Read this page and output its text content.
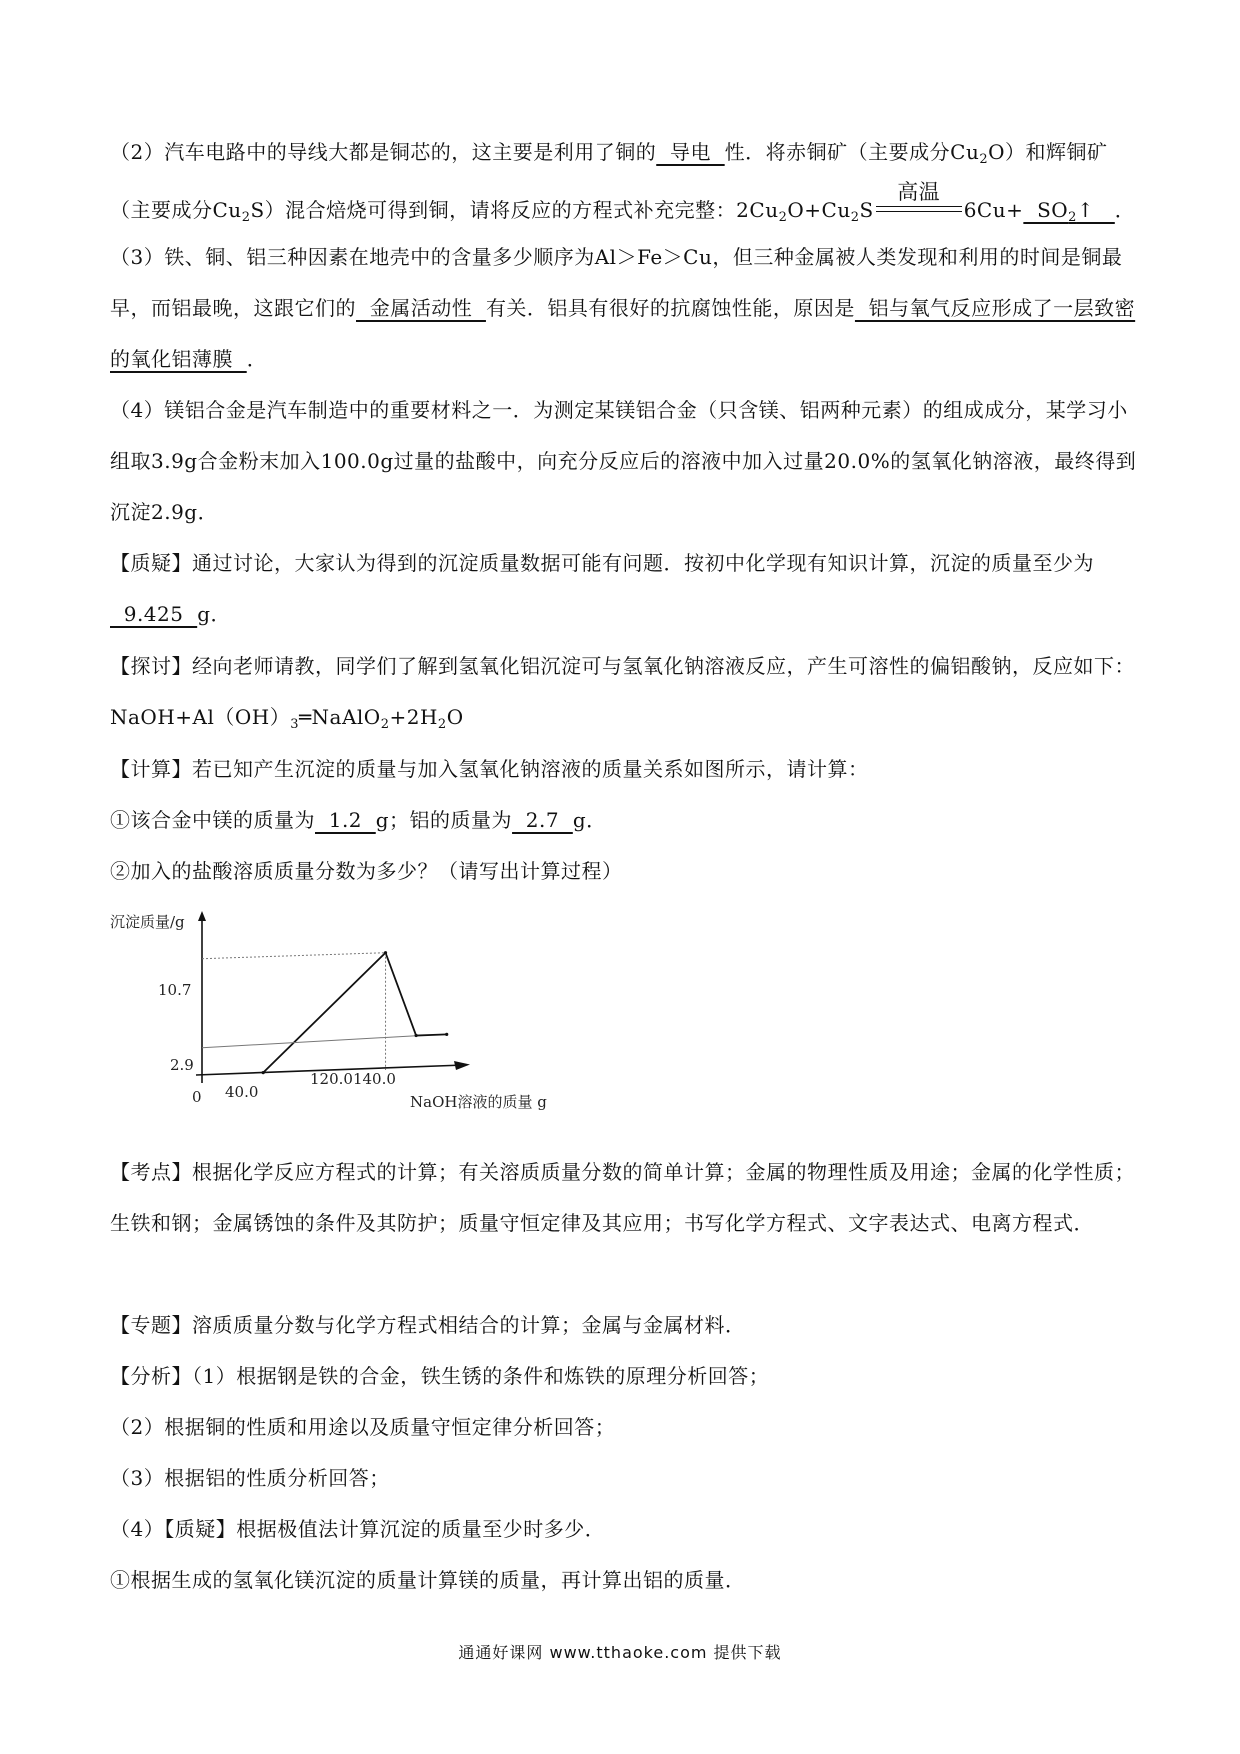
（2）汽车电路中的导线大都是铜芯的，这主要是利用了铜的  导电  性．将赤铜矿（主要成分$Cu_2O$）和辉铜矿（主要成分$Cu_2S$）混合焙烧可得到铜，请将反应的方程式补充完整：$2Cu_2O+Cu_2S$
高温
$6Cu+ SO_2↑$   ．

（3）铁、铜、铝三种因素在地壳中的含量多少顺序为Al＞Fe＞Cu，但三种金属被人类发现和利用的时间是铜最早，而铝最晚，这跟它们的  金属活动性  有关．铝具有很好的抗腐蚀性能，原因是  铝与氧气反应形成了一层致密的氧化铝薄膜  ．

（4）镁铝合金是汽车制造中的重要材料之一．为测定某镁铝合金（只含镁、铝两种元素）的组成成分，某学习小组取3.9g合金粉末加入100.0g过量的盐酸中，向充分反应后的溶液中加入过量20.0%的氢氧化钠溶液，最终得到沉淀2.9g．

【质疑】通过讨论，大家认为得到的沉淀质量数据可能有问题．按初中化学现有知识计算，沉淀的质量至少为  9.425  g．

【探讨】经向老师请教，同学们了解到氢氧化铝沉淀可与氢氧化钠溶液反应，产生可溶性的偏铝酸钠，反应如下：$NaOH+Al(OH)_3═NaAlO_2+2H_2O$

【计算】若已知产生沉淀的质量与加入氢氧化钠溶液的质量关系如图所示，请计算：

①该合金中镁的质量为  1.2  g；铝的质量为  2.7  g．

②加入的盐酸溶质质量分数为多少？（请写出计算过程）

沉淀质量/g
NaOH溶液的质量 g
0
10.7
2.9
40.0
120.0140.0

【考点】根据化学反应方程式的计算；有关溶质质量分数的简单计算；金属的物理性质及用途；金属的化学性质；生铁和钢；金属锈蚀的条件及其防护；质量守恒定律及其应用；书写化学方程式、文字表达式、电离方程式．

【专题】溶质质量分数与化学方程式相结合的计算；金属与金属材料．

【分析】（1）根据钢是铁的合金，铁生锈的条件和炼铁的原理分析回答；

（2）根据铜的性质和用途以及质量守恒定律分析回答；

（3）根据铝的性质分析回答；

（4）【质疑】根据极值法计算沉淀的质量至少时多少．

①根据生成的氢氧化镁沉淀的质量计算镁的质量，再计算出铝的质量．

通通好课网 www.tthaoke.com 提供下载
